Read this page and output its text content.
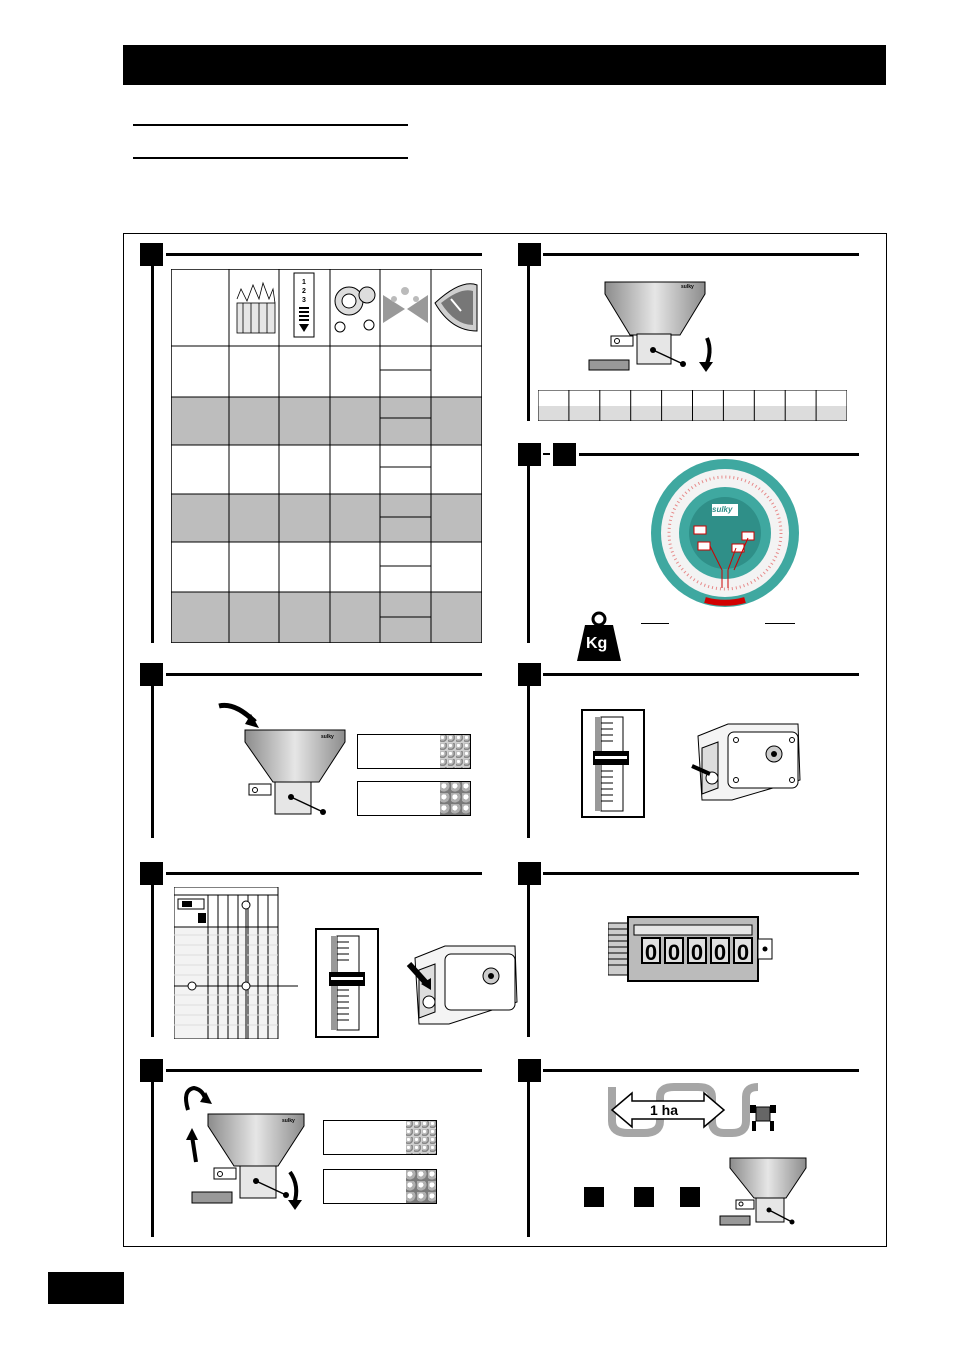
1
2
3
sulky
sulky
Kg
sulky
0 0 0 0 0
sulky
1 ha
